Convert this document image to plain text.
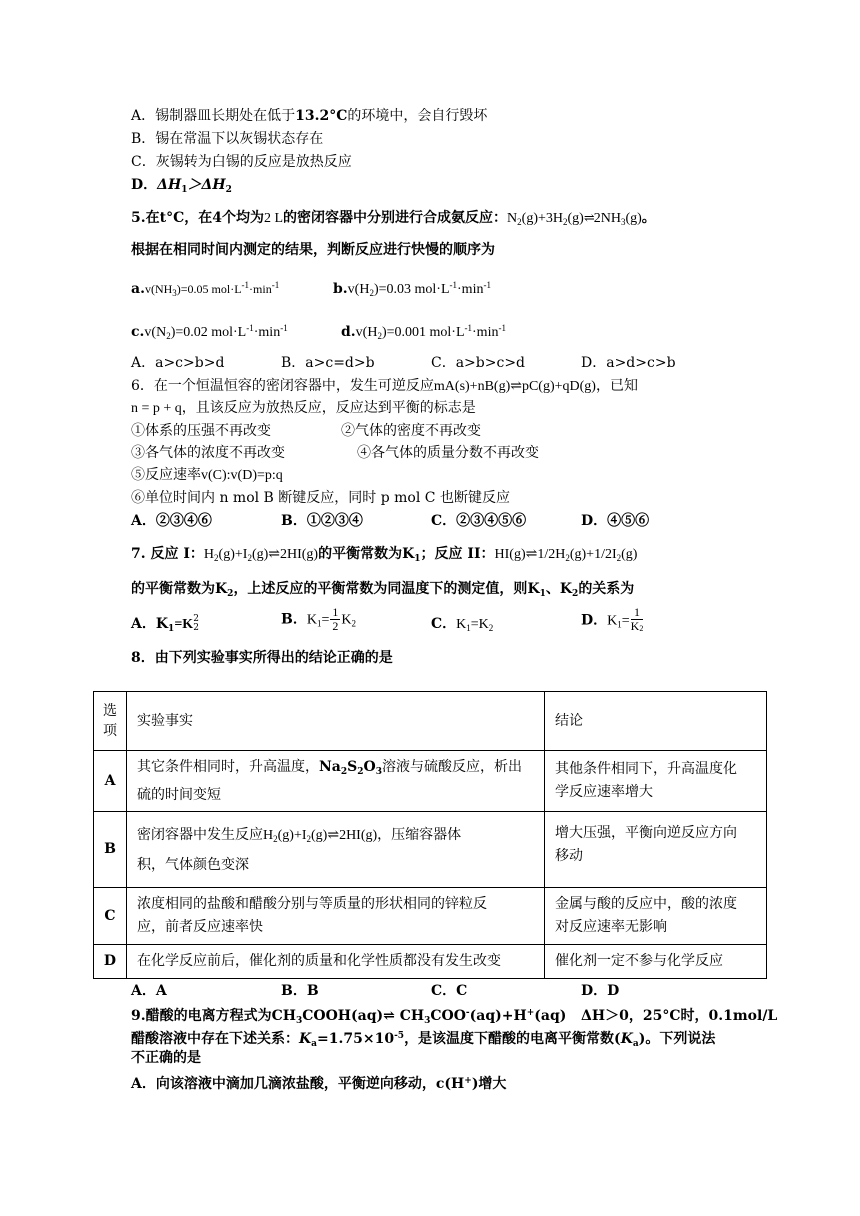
A．锡制器皿长期处在低于13.2°C的环境中，会自行毁坏
B．锡在常温下以灰锡状态存在
C．灰锡转为白锡的反应是放热反应
D．$\Delta H_1>\Delta H_2$
5.在t°C，在4个均为2 L的密闭容器中分别进行合成氨反应：$N_2(g)+3H_2(g)\rightleftharpoons 2NH_3(g)$。
根据在相同时间内测定的结果，判断反应进行快慢的顺序为
$a.v(NH_3)=0.05$ $mol\cdot L^{-1}\cdot\min^{-1}$	$b.v(H_2)=0.03$ $mol\cdot L^{-1}\cdot\min^{-1}$
$c.v(N_2)=0.02$ $mol\cdot L^{-1}\cdot\min^{-1}$	$d.v(H_2)=0.001$ $mol\cdot L^{-1}\cdot\min^{-1}$
A．a>c>b>d	B．a>c=d>b	C．a>b>c>d	D．a>d>c>b
6．在一个恒温恒容的密闭容器中，发生可逆反应mA(s)+nB(g)⇌pC(g)+qD(g)，已知
n = p + q，且该反应为放热反应，反应达到平衡的标志是
①体系的压强不再改变	②气体的密度不再改变
③各气体的浓度不再改变	④各气体的质量分数不再改变
⑤反应速率v(C):v(D)=p:q
⑥单位时间内 n mol B 断键反应，同时 p mol C 也断键反应
A．②③④⑥	B．①②③④	C．②③④⑤⑥	D．④⑤⑥
7. 反应 I：$H_2(g)+I_2(g)\rightleftharpoons 2HI(g)$的平衡常数为$K_1$；反应 II：$HI(g)\rightleftharpoons 1/2H_2(g)+1/2I_2(g)$
的平衡常数为$K_2$，上述反应的平衡常数为同温度下的测定值，则$K_1$、$K_2$的关系为
A．$K_1=K$ 2
2
B．$K_1= \frac{1}{2} K_2$	C．$K_1=K_2$	D．$K_1= \frac{1}{K2}$
8．由下列实验事实所得出的结论正确的是
选
项	实验事实	结论
A	其它条件相同时，升高温度，$Na_2S_2O_3$溶液与硫酸反应，析出
硫的时间变短	其他条件相同下，升高温度化
学反应速率增大
B	密闭容器中发生反应$H_2(g)+I_2(g)\rightleftharpoons 2HI(g)$，压缩容器体
积，气体颜色变深	增大压强，平衡向逆反应方向
移动
C	浓度相同的盐酸和醋酸分别与等质量的形状相同的锌粒反
应，前者反应速率快	金属与酸的反应中，酸的浓度
对反应速率无影响
D	在化学反应前后，催化剂的质量和化学性质都没有发生改变	催化剂一定不参与化学反应
A．A	B．B	C．C	D．D
9.醋酸的电离方程式为$CH_3COOH(aq)\rightleftharpoons$ $CH_3COO^-(aq)+H^+(aq)$ ΔH＞0，25°C时，0.1mol/L
醋酸溶液中存在下述关系：$K_a=1.75\times 10^{-5}$，是该温度下醋酸的电离平衡常数$(K_a)$。下列说法
不正确的是
A．向该溶液中滴加几滴浓盐酸，平衡逆向移动，c(H+)增大
